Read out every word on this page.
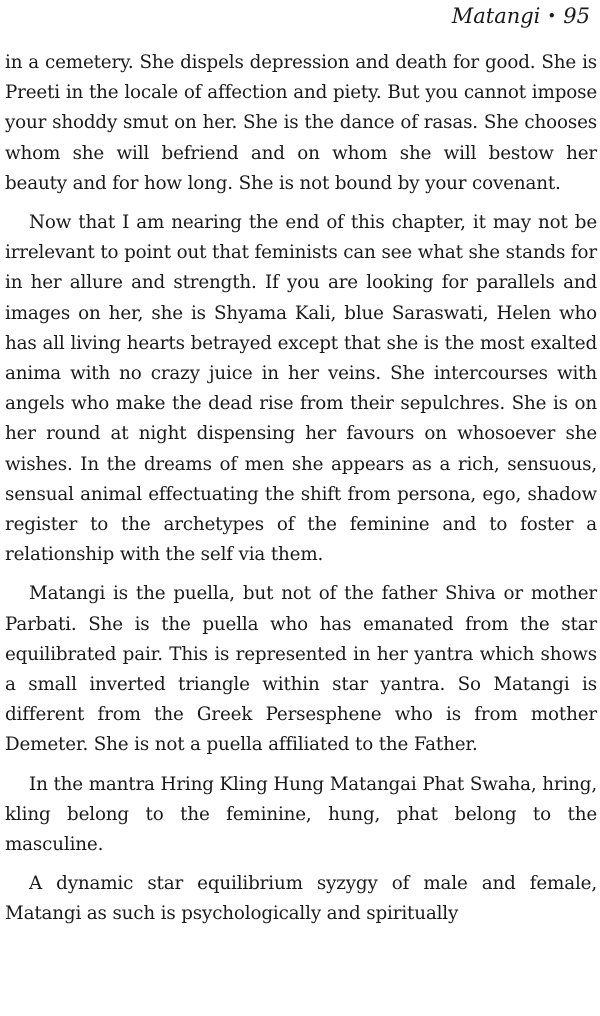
Matangi • 95

in a cemetery. She dispels depression and death for good. She is Preeti in the locale of affection and piety. But you cannot impose your shoddy smut on her. She is the dance of rasas. She chooses whom she will befriend and on whom she will bestow her beauty and for how long. She is not bound by your covenant.

Now that I am nearing the end of this chapter, it may not be irrelevant to point out that feminists can see what she stands for in her allure and strength. If you are looking for parallels and images on her, she is Shyama Kali, blue Saraswati, Helen who has all living hearts betrayed except that she is the most exalted anima with no crazy juice in her veins. She intercourses with angels who make the dead rise from their sepulchres. She is on her round at night dispensing her favours on whosoever she wishes. In the dreams of men she appears as a rich, sensuous, sensual animal effectuating the shift from persona, ego, shadow register to the archetypes of the feminine and to foster a relationship with the self via them.

Matangi is the puella, but not of the father Shiva or mother Parbati. She is the puella who has emanated from the star equilibrated pair. This is represented in her yantra which shows a small inverted triangle within star yantra. So Matangi is different from the Greek Persesphene who is from mother Demeter. She is not a puella affiliated to the Father.

In the mantra Hring Kling Hung Matangai Phat Swaha, hring, kling belong to the feminine, hung, phat belong to the masculine.

A dynamic star equilibrium syzygy of male and female, Matangi as such is psychologically and spiritually
